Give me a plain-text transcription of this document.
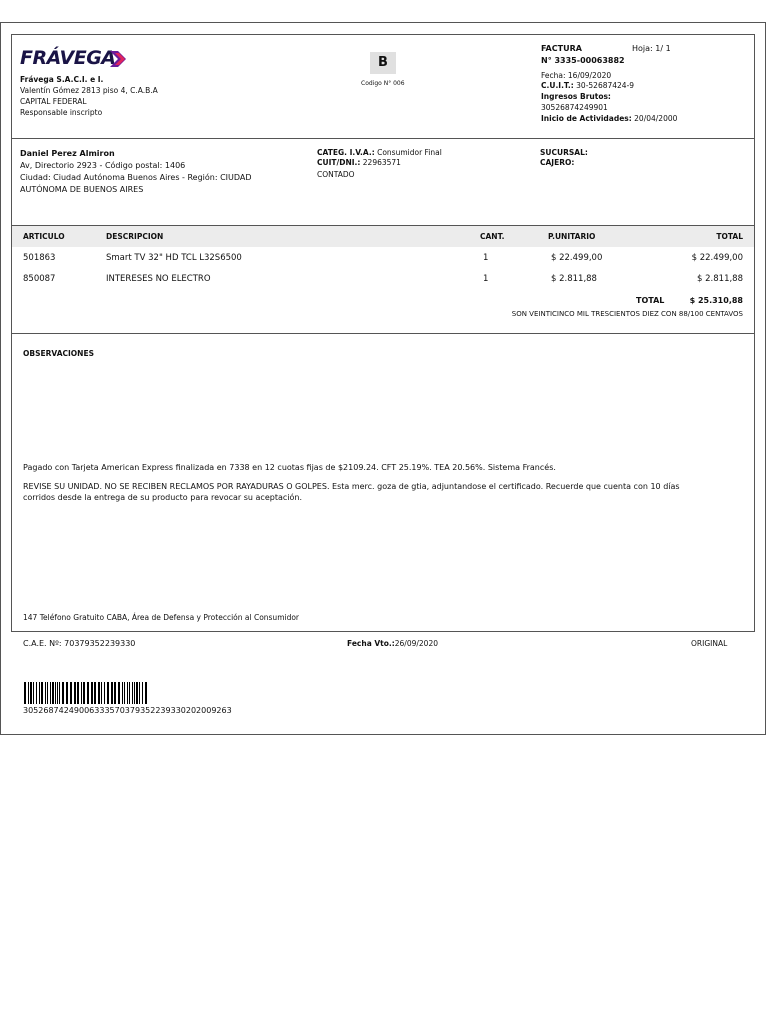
FRÁVEGA
Frávega S.A.C.I. e I.
Valentín Gómez 2813 piso 4, C.A.B.A
CAPITAL FEDERAL
Responsable inscripto
B
Codigo N° 006
FACTURA	Hoja: 1/ 1
N° 3335-00063882
Fecha: 16/09/2020
C.U.I.T.: 30-52687424-9
Ingresos Brutos:
30526874249901
Inicio de Actividades: 20/04/2000
Daniel Perez Almiron
Av, Directorio 2923 - Código postal: 1406
Ciudad: Ciudad Autónoma Buenos Aires - Región: CIUDAD
AUTÓNOMA DE BUENOS AIRES
CATEG. I.V.A.: Consumidor Final
CUIT/DNI.: 22963571
CONTADO
SUCURSAL:
CAJERO:
ARTICULO	DESCRIPCION	CANT.	P.UNITARIO	TOTAL
501863	Smart TV 32" HD TCL L32S6500	1	$ 22.499,00	$ 22.499,00
850087	INTERESES NO ELECTRO	1	$ 2.811,88	$ 2.811,88
TOTAL	$ 25.310,88
SON VEINTICINCO MIL TRESCIENTOS DIEZ CON 88/100 CENTAVOS
OBSERVACIONES
Pagado con Tarjeta American Express finalizada en 7338 en 12 cuotas fijas de $2109.24. CFT 25.19%. TEA 20.56%. Sistema Francés.
REVISE SU UNIDAD. NO SE RECIBEN RECLAMOS POR RAYADURAS O GOLPES. Esta merc. goza de gtia, adjuntandose el certificado. Recuerde que cuenta con 10 días
corridos desde la entrega de su producto para revocar su aceptación.
147 Teléfono Gratuito CABA, Área de Defensa y Protección al Consumidor
C.A.E. Nº: 70379352239330	Fecha Vto.:26/09/2020	ORIGINAL
30526874249006333570379352239330202009263
